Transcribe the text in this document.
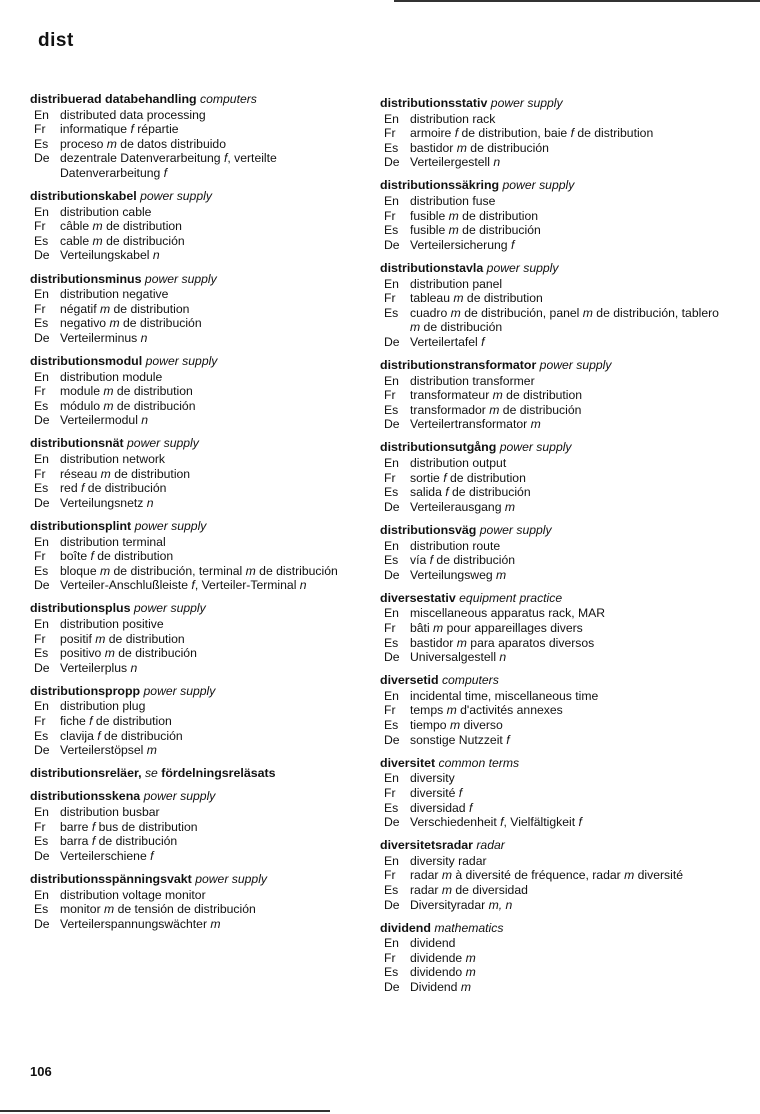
dist
distribuerad databehandling computers
En distributed data processing
Fr	informatique f répartie
Es proceso m de datos distribuido
De dezentrale Datenverarbeitung f, verteilte Datenverarbeitung f
distributionskabel power supply
En distribution cable
Fr	câble m de distribution
Es cable m de distribución
De Verteilungskabel n
distributionsminus power supply
En distribution negative
Fr	négatif m de distribution
Es negativo m de distribución
De Verteilerminus n
distributionsmodul power supply
En distribution module
Fr	module m de distribution
Es módulo m de distribución
De Verteilermodul n
distributionsnät power supply
En distribution network
Fr	réseau m de distribution
Es red f de distribución
De Verteilungsnetz n
distributionsplint power supply
En distribution terminal
Fr	boîte f de distribution
Es bloque m de distribución, terminal m de distribución
De Verteiler-Anschlußleiste f, Verteiler-Terminal n
distributionsplus power supply
En distribution positive
Fr	positif m de distribution
Es positivo m de distribución
De Verteilerplus n
distributionspropp power supply
En distribution plug
Fr	fiche f de distribution
Es clavija f de distribución
De Verteilerstöpsel m
distributionsreläer, se fördelningsreläsats
distributionsskena power supply
En distribution busbar
Fr	barre f bus de distribution
Es barra f de distribución
De Verteilerschiene f
distributionsspänningsvakt power supply
En distribution voltage monitor
Es monitor m de tensión de distribución
De Verteilerspannungswächter m
distributionsstativ power supply
En distribution rack
Fr	armoire f de distribution, baie f de distribution
Es bastidor m de distribución
De Verteilergestell n
distributionssäkring power supply
En distribution fuse
Fr	fusible m de distribution
Es fusible m de distribución
De Verteilersicherung f
distributionstavla power supply
En distribution panel
Fr	tableau m de distribution
Es cuadro m de distribución, panel m de distribución, tablero m de distribución
De Verteilertafel f
distributionstransformator power supply
En distribution transformer
Fr	transformateur m de distribution
Es transformador m de distribución
De Verteilertransformator m
distributionsutgång power supply
En distribution output
Fr	sortie f de distribution
Es salida f de distribución
De Verteilerausgang m
distributionsväg power supply
En distribution route
Es vía f de distribución
De Verteilungsweg m
diversestativ equipment practice
En miscellaneous apparatus rack, MAR
Fr	bâti m pour appareillages divers
Es bastidor m para aparatos diversos
De Universalgestell n
diversetid computers
En incidental time, miscellaneous time
Fr	temps m d'activités annexes
Es tiempo m diverso
De sonstige Nutzzeit f
diversitet common terms
En diversity
Fr	diversité f
Es diversidad f
De Verschiedenheit f, Vielfältigkeit f
diversitetsradar radar
En diversity radar
Fr	radar m à diversité de fréquence, radar m diversité
Es radar m de diversidad
De Diversityradar m, n
dividend mathematics
En dividend
Fr	dividende m
Es dividendo m
De Dividend m
106
